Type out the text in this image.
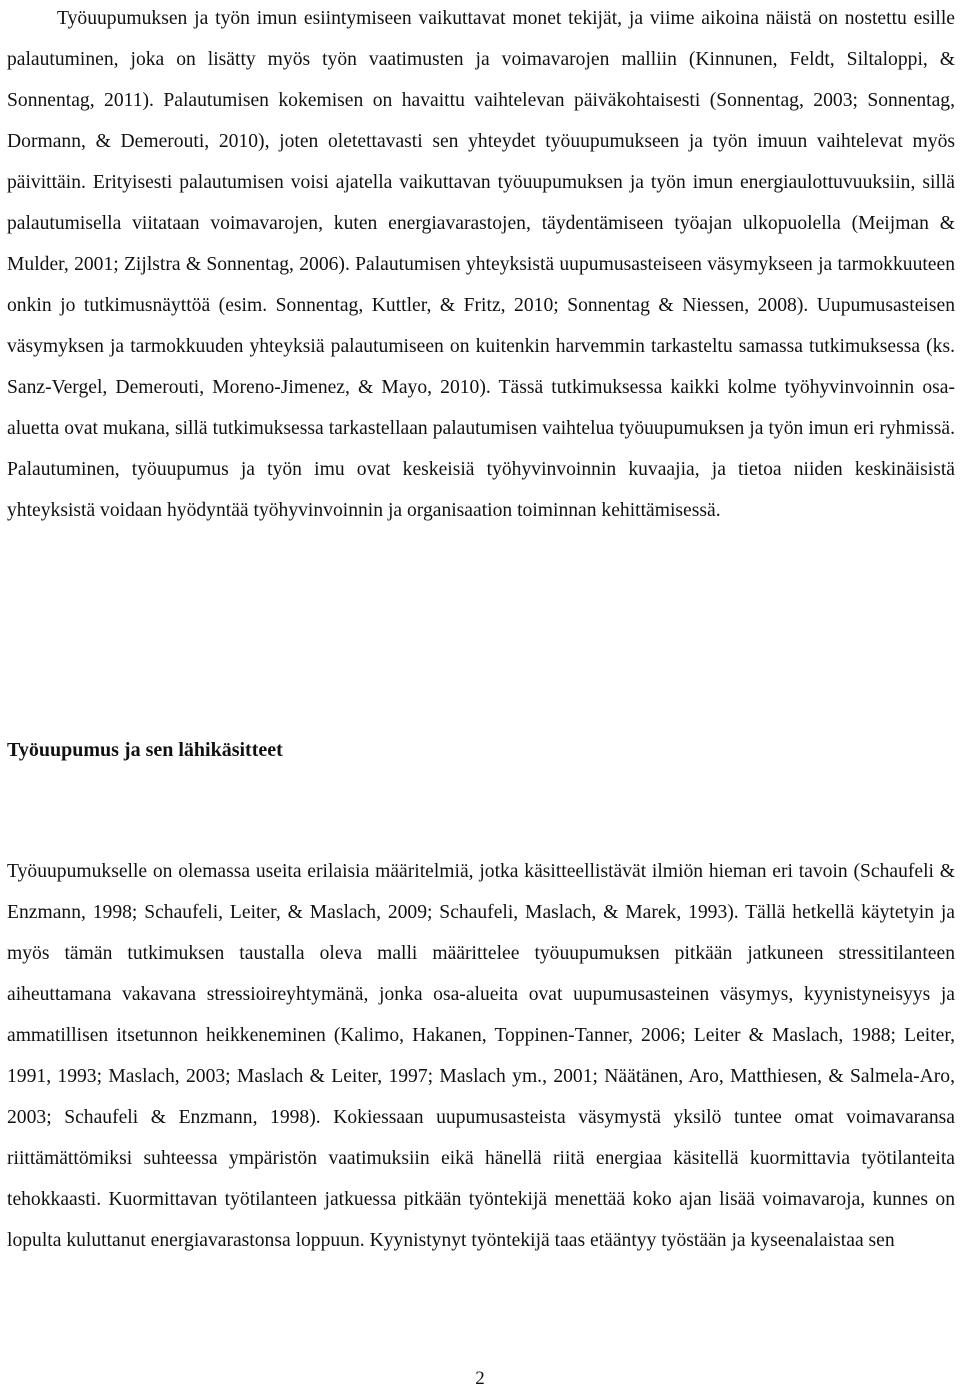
Työuupumuksen ja työn imun esiintymiseen vaikuttavat monet tekijät, ja viime aikoina näistä on nostettu esille palautuminen, joka on lisätty myös työn vaatimusten ja voimavarojen malliin (Kinnunen, Feldt, Siltaloppi, & Sonnentag, 2011). Palautumisen kokemisen on havaittu vaihtelevan päiväkohtaisesti (Sonnentag, 2003; Sonnentag, Dormann, & Demerouti, 2010), joten oletettavasti sen yhteydet työuupumukseen ja työn imuun vaihtelevat myös päivittäin. Erityisesti palautumisen voisi ajatella vaikuttavan työuupumuksen ja työn imun energiaulottuvuuksiin, sillä palautumisella viitataan voimavarojen, kuten energiavarastojen, täydentämiseen työajan ulkopuolella (Meijman & Mulder, 2001; Zijlstra & Sonnentag, 2006). Palautumisen yhteyksistä uupumusasteiseen väsymykseen ja tarmokkuuteen onkin jo tutkimusnäyttöä (esim. Sonnentag, Kuttler, & Fritz, 2010; Sonnentag & Niessen, 2008). Uupumusasteisen väsymyksen ja tarmokkuuden yhteyksiä palautumiseen on kuitenkin harvemmin tarkasteltu samassa tutkimuksessa (ks. Sanz-Vergel, Demerouti, Moreno-Jimenez, & Mayo, 2010). Tässä tutkimuksessa kaikki kolme työhyvinvoinnin osa-aluetta ovat mukana, sillä tutkimuksessa tarkastellaan palautumisen vaihtelua työuupumuksen ja työn imun eri ryhmissä. Palautuminen, työuupumus ja työn imu ovat keskeisiä työhyvinvoinnin kuvaajia, ja tietoa niiden keskinäisistä yhteyksistä voidaan hyödyntää työhyvinvoinnin ja organisaation toiminnan kehittämisessä.

Työuupumus ja sen lähikäsitteet

Työuupumukselle on olemassa useita erilaisia määritelmiä, jotka käsitteellistävät ilmiön hieman eri tavoin (Schaufeli & Enzmann, 1998; Schaufeli, Leiter, & Maslach, 2009; Schaufeli, Maslach, & Marek, 1993). Tällä hetkellä käytetyin ja myös tämän tutkimuksen taustalla oleva malli määrittelee työuupumuksen pitkään jatkuneen stressitilanteen aiheuttamana vakavana stressioireyhtymänä, jonka osa-alueita ovat uupumusasteinen väsymys, kyynistyneisyys ja ammatillisen itsetunnon heikkeneminen (Kalimo, Hakanen, Toppinen-Tanner, 2006; Leiter & Maslach, 1988; Leiter, 1991, 1993; Maslach, 2003; Maslach & Leiter, 1997; Maslach ym., 2001; Näätänen, Aro, Matthiesen, & Salmela-Aro, 2003; Schaufeli & Enzmann, 1998). Kokiessaan uupumusasteista väsymystä yksilö tuntee omat voimavaransa riittämättömiksi suhteessa ympäristön vaatimuksiin eikä hänellä riitä energiaa käsitellä kuormittavia työtilanteita tehokkaasti. Kuormittavan työtilanteen jatkuessa pitkään työntekijä menettää koko ajan lisää voimavaroja, kunnes on lopulta kuluttanut energiavarastonsa loppuun. Kyynistynyt työntekijä taas etääntyy työstään ja kyseenalaistaa sen

2
